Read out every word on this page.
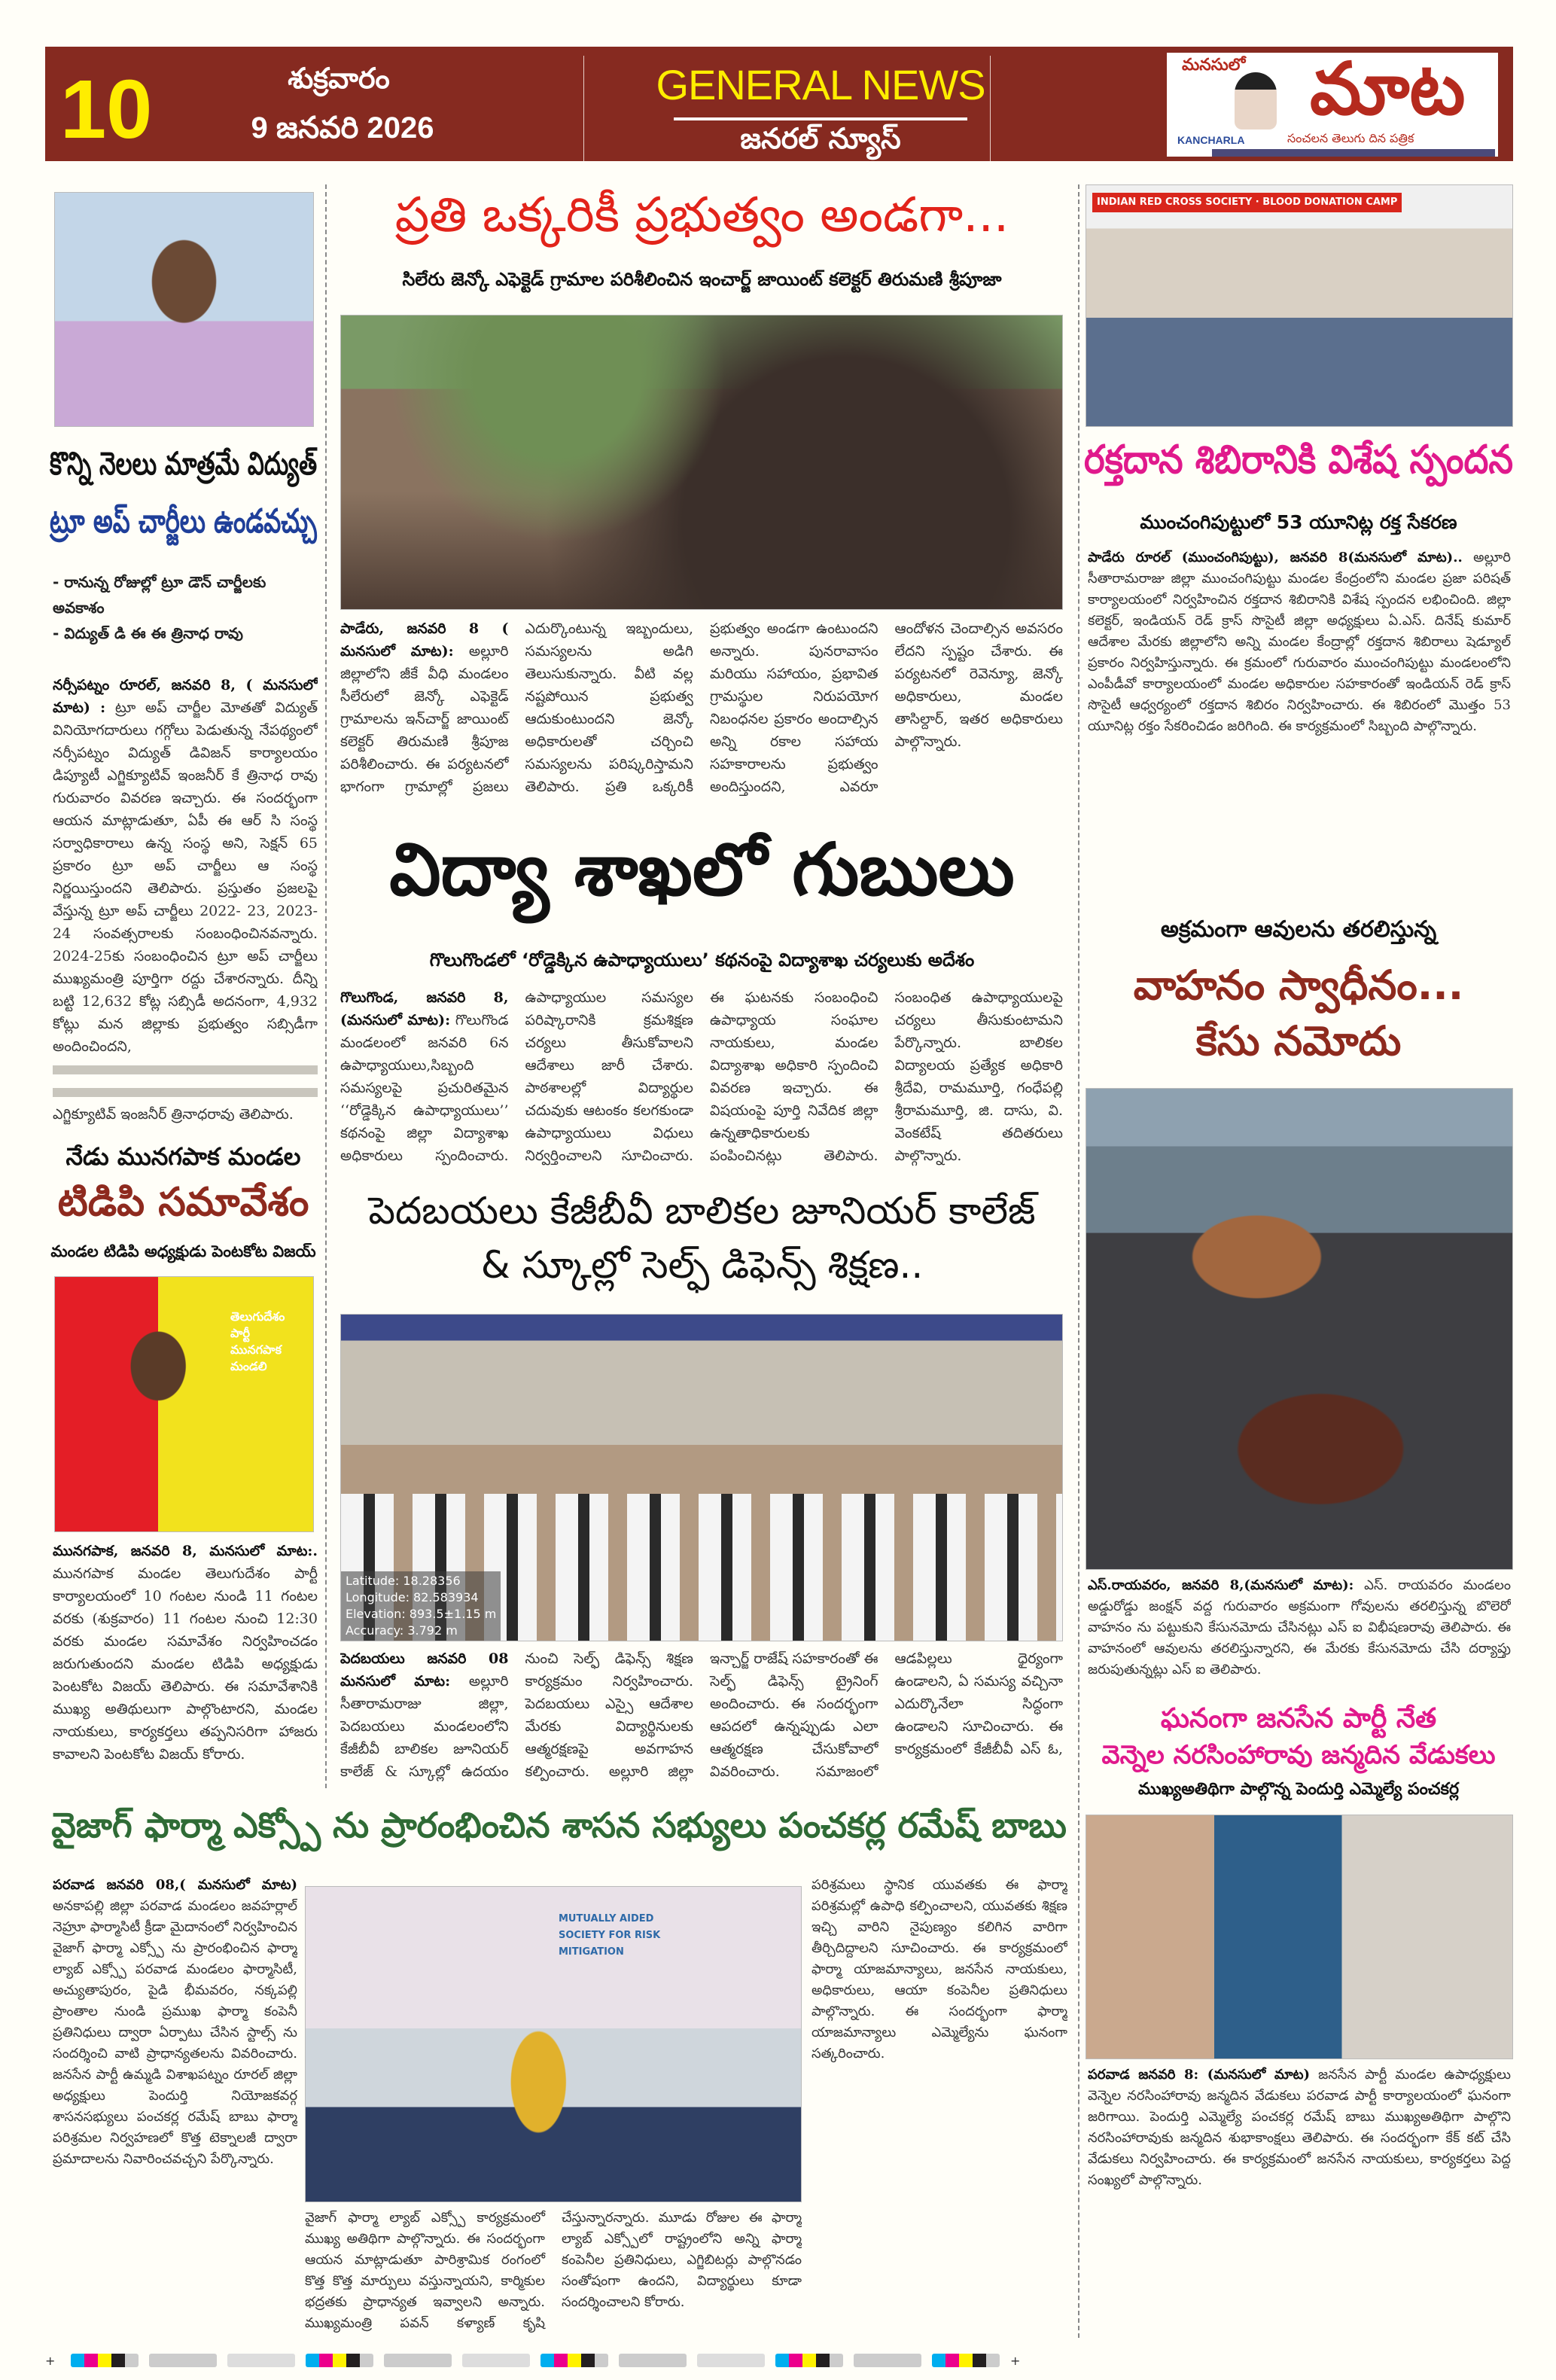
10	శుక్రవారం
9 జనవరి 2026
GENERAL NEWS
జనరల్ న్యూస్
మనసులో మాట
KANCHARLA	సంచలన తెలుగు దిన పత్రిక
కొన్ని నెలలు మాత్రమే విద్యుత్
ట్రూ అప్ చార్జీలు ఉండవచ్చు
- రానున్న రోజుల్లో ట్రూ డౌన్ చార్జీలకు అవకాశం
- విద్యుత్ డి ఈ ఈ త్రినాధ రావు
నర్సీపట్నం రూరల్, జనవరి 8, ( మనసులో మాట) : ట్రూ అప్ చార్జీల మోతతో విద్యుత్ వినియోగదారులు గగ్గోలు పెడుతున్న నేపథ్యంలో నర్సీపట్నం విద్యుత్ డివిజన్ కార్యాలయం డిప్యూటీ ఎగ్జిక్యూటివ్ ఇంజనీర్ కే త్రినాధ రావు గురువారం వివరణ ఇచ్చారు. ఈ సందర్భంగా ఆయన మాట్లాడుతూ, ఏపీ ఈ ఆర్ సి సంస్థ సర్వాధికారాలు ఉన్న సంస్థ అని, సెక్షన్ 65 ప్రకారం ట్రూ అప్ చార్జీలు ఆ సంస్థ నిర్ణయిస్తుందని తెలిపారు. ప్రస్తుతం ప్రజలపై వేస్తున్న ట్రూ అప్ చార్జీలు 2022- 23, 2023-24 సంవత్సరాలకు సంబంధించినవన్నారు. 2024-25కు సంబంధించిన ట్రూ అప్ చార్జీలు ముఖ్యమంత్రి పూర్తిగా రద్దు చేశారన్నారు. దీన్ని బట్టి 12,632 కోట్ల సబ్సిడీ అదనంగా, 4,932 కోట్లు మన జిల్లాకు ప్రభుత్వం సబ్సిడీగా అందించిందని,
ఎగ్జిక్యూటివ్ ఇంజనీర్ త్రినాధరావు తెలిపారు.
నేడు మునగపాక మండల
టిడిపి సమావేశం
మండల టిడిపి అధ్యక్షుడు పెంటకోట విజయ్
తెలుగుదేశం పార్టీ మునగపాక మండలి
మునగపాక, జనవరి 8, మనసులో మాట:. మునగపాక మండల తెలుగుదేశం పార్టీ కార్యాలయంలో 10 గంటల నుండి 11 గంటల వరకు (శుక్రవారం) 11 గంటల నుంచి 12:30 వరకు మండల సమావేశం నిర్వహించడం జరుగుతుందని మండల టిడిపి అధ్యక్షుడు పెంటకోట విజయ్ తెలిపారు. ఈ సమావేశానికి ముఖ్య అతిథులుగా పాల్గొంటారని, మండల నాయకులు, కార్యకర్తలు తప్పనిసరిగా హాజరు కావాలని పెంటకోట విజయ్ కోరారు.
ప్రతి ఒక్కరికీ ప్రభుత్వం అండగా...
సిలేరు జెన్కో ఎఫెక్టెడ్ గ్రామాల పరిశీలించిన ఇంచార్జ్ జాయింట్ కలెక్టర్ తిరుమణి శ్రీపూజా
పాడేరు, జనవరి 8 ( మనసులో మాట): అల్లూరి జిల్లాలోని జీకే వీధి మండలం సీలేరులో జెన్కో ఎఫెక్టెడ్ గ్రామాలను ఇన్‌చార్జ్ జాయింట్ కలెక్టర్ తిరుమణి శ్రీపూజ పరిశీలించారు. ఈ పర్యటనలో భాగంగా గ్రామాల్లో ప్రజలు ఎదుర్కొంటున్న ఇబ్బందులు, సమస్యలను అడిగి తెలుసుకున్నారు. వీటి వల్ల నష్టపోయిన ప్రభుత్వ ఆదుకుంటుందని జెన్కో అధికారులతో చర్చించి సమస్యలను పరిష్కరిస్తామని తెలిపారు. ప్రతి ఒక్కరికీ ప్రభుత్వం అండగా ఉంటుందని అన్నారు. పునరావాసం మరియు సహాయం, ప్రభావిత గ్రామస్థుల నిరుపయోగ నిబంధనల ప్రకారం అందాల్సిన అన్ని రకాల సహాయ సహకారాలను ప్రభుత్వం అందిస్తుందని, ఎవరూ ఆందోళన చెందాల్సిన అవసరం లేదని స్పష్టం చేశారు. ఈ పర్యటనలో రెవెన్యూ, జెన్కో అధికారులు, మండల తాసిల్దార్, ఇతర అధికారులు పాల్గొన్నారు.
విద్యా శాఖలో గుబులు
గొలుగొండలో ‘రోడ్డెక్కిన ఉపాధ్యాయులు’ కథనంపై విద్యాశాఖ చర్యలుకు అదేశం
గొలుగొండ, జనవరి 8,(మనసులో మాట): గొలుగొండ మండలంలో జనవరి 6న ఉపాధ్యాయులు,సిబ్బంది సమస్యలపై ప్రచురితమైన ‘‘రోడ్డెక్కిన ఉపాధ్యాయులు’’ కథనంపై జిల్లా విద్యాశాఖ అధికారులు స్పందించారు. ఉపాధ్యాయుల సమస్యల పరిష్కారానికి క్రమశిక్షణ చర్యలు తీసుకోవాలని ఆదేశాలు జారీ చేశారు. పాఠశాలల్లో విద్యార్థుల చదువుకు ఆటంకం కలగకుండా ఉపాధ్యాయులు విధులు నిర్వర్తించాలని సూచించారు. ఈ ఘటనకు సంబంధించి ఉపాధ్యాయ సంఘాల నాయకులు, మండల విద్యాశాఖ అధికారి స్పందించి వివరణ ఇచ్చారు. ఈ విషయంపై పూర్తి నివేదిక జిల్లా ఉన్నతాధికారులకు పంపించినట్లు తెలిపారు. సంబంధిత ఉపాధ్యాయులపై చర్యలు తీసుకుంటామని పేర్కొన్నారు. బాలికల విద్యాలయ ప్రత్యేక అధికారి శ్రీదేవి, రామమూర్తి, గంధేపల్లి శ్రీరామమూర్తి, జి. దాసు, వి. వెంకటేష్ తదితరులు పాల్గొన్నారు.
పెదబయలు కేజీబీవీ బాలికల జూనియర్ కాలేజ్
& స్కూల్లో సెల్ఫ్ డిఫెన్స్ శిక్షణ..
Latitude: 18.28356
Longitude: 82.583934
Elevation: 893.5±1.15 m
Accuracy: 3.792 m
పెదబయలు జనవరి 08 మనసులో మాట: అల్లూరి సీతారామరాజు జిల్లా, పెదబయలు మండలంలోని కేజీబీవీ బాలికల జూనియర్ కాలేజ్ & స్కూల్లో ఉదయం నుంచి సెల్ఫ్ డిఫెన్స్ శిక్షణ కార్యక్రమం నిర్వహించారు. పెదబయలు ఎస్సై ఆదేశాల మేరకు విద్యార్థినులకు ఆత్మరక్షణపై అవగాహన కల్పించారు. అల్లూరి జిల్లా ఇన్చార్జ్ రాజేష్ సహకారంతో ఈ సెల్ఫ్ డిఫెన్స్ ట్రైనింగ్ అందించారు. ఈ సందర్భంగా ఆపదలో ఉన్నప్పుడు ఎలా ఆత్మరక్షణ చేసుకోవాలో వివరించారు. సమాజంలో ఆడపిల్లలు ధైర్యంగా ఉండాలని, ఏ సమస్య వచ్చినా ఎదుర్కొనేలా సిద్ధంగా ఉండాలని సూచించారు. ఈ కార్యక్రమంలో కేజీబీవీ ఎస్ ఓ,
INDIAN RED CROSS SOCIETY · BLOOD DONATION CAMP
రక్తదాన శిబిరానికి విశేష స్పందన
ముంచంగిపుట్టులో 53 యూనిట్ల రక్త సేకరణ
పాడేరు రూరల్ (ముంచంగిపుట్టు), జనవరి 8(మనసులో మాట).. అల్లూరి సీతారామరాజు జిల్లా ముంచంగిపుట్టు మండల కేంద్రంలోని మండల ప్రజా పరిషత్ కార్యాలయంలో నిర్వహించిన రక్తదాన శిబిరానికి విశేష స్పందన లభించింది. జిల్లా కలెక్టర్, ఇండియన్ రెడ్ క్రాస్ సొసైటీ జిల్లా అధ్యక్షులు ఏ.ఎస్. దినేష్ కుమార్ ఆదేశాల మేరకు జిల్లాలోని అన్ని మండల కేంద్రాల్లో రక్తదాన శిబిరాలు షెడ్యూల్ ప్రకారం నిర్వహిస్తున్నారు. ఈ క్రమంలో గురువారం ముంచంగిపుట్టు మండలంలోని ఎంపీడీవో కార్యాలయంలో మండల అధికారుల సహకారంతో ఇండియన్ రెడ్ క్రాస్ సొసైటీ ఆధ్వర్యంలో రక్తదాన శిబిరం నిర్వహించారు. ఈ శిబిరంలో మొత్తం 53 యూనిట్ల రక్తం సేకరించిడం జరిగింది. ఈ కార్యక్రమంలో సిబ్బంది పాల్గొన్నారు.
అక్రమంగా ఆవులను తరలిస్తున్న
వాహనం స్వాధీనం...
కేసు నమోదు
ఎస్.రాయవరం, జనవరి 8,(మనసులో మాట): ఎస్. రాయవరం మండలం అడ్డురోడ్డు జంక్షన్ వద్ద గురువారం అక్రమంగా గోవులను తరలిస్తున్న బొలెరో వాహనం ను పట్టుకుని కేసునమోదు చేసినట్లు ఎస్ ఐ విభీషణరావు తెలిపారు. ఈ వాహనంలో ఆవులను తరలిస్తున్నారని, ఈ మేరకు కేసునమోదు చేసి దర్యాప్తు జరుపుతున్నట్లు ఎస్ ఐ తెలిపారు.
ఘనంగా జనసేన పార్టీ నేత
వెన్నెల నరసింహారావు జన్మదిన వేడుకలు
ముఖ్యఅతిథిగా పాల్గొన్న పెందుర్తి ఎమ్మెల్యే పంచకర్ల
పరవాడ జనవరి 8: (మనసులో మాట) జనసేన పార్టీ మండల ఉపాధ్యక్షులు వెన్నెల నరసింహారావు జన్మదిన వేడుకలు పరవాడ పార్టీ కార్యాలయంలో ఘనంగా జరిగాయి. పెందుర్తి ఎమ్మెల్యే పంచకర్ల రమేష్ బాబు ముఖ్యఅతిథిగా పాల్గొని నరసింహారావుకు జన్మదిన శుభాకాంక్షలు తెలిపారు. ఈ సందర్భంగా కేక్ కట్ చేసి వేడుకలు నిర్వహించారు. ఈ కార్యక్రమంలో జనసేన నాయకులు, కార్యకర్తలు పెద్ద సంఖ్యలో పాల్గొన్నారు.
వైజాగ్ ఫార్మా ఎక్స్పో ను ప్రారంభించిన శాసన సభ్యులు పంచకర్ల రమేష్ బాబు
పరవాడ జనవరి 08,( మనసులో మాట) అనకాపల్లి జిల్లా పరవాడ మండలం జవహర్లాల్ నెహ్రూ ఫార్మాసిటీ క్రీడా మైదానంలో నిర్వహించిన వైజాగ్ ఫార్మా ఎక్స్పో ను ప్రారంభించిన ఫార్మా ల్యాబ్ ఎక్స్పో పరవాడ మండలం ఫార్మాసిటీ, అచ్యుతాపురం, పైడి భీమవరం, నక్కపల్లి ప్రాంతాల నుండి ప్రముఖ ఫార్మా కంపెనీ ప్రతినిధులు ద్వారా ఏర్పాటు చేసిన స్టాల్స్ ను సందర్శించి వాటి ప్రాధాన్యతలను వివరించారు. జనసేన పార్టీ ఉమ్మడి విశాఖపట్నం రూరల్ జిల్లా అధ్యక్షులు పెందుర్తి నియోజకవర్గ శాసనసభ్యులు పంచకర్ల రమేష్ బాబు ఫార్మా పరిశ్రమల నిర్వహణలో కొత్త టెక్నాలజీ ద్వారా ప్రమాదాలను నివారించవచ్చని పేర్కొన్నారు.
MUTUALLY AIDED SOCIETY FOR RISK MITIGATION
వైజాగ్ ఫార్మా ల్యాబ్ ఎక్స్పో కార్యక్రమంలో ముఖ్య అతిథిగా పాల్గొన్నారు. ఈ సందర్భంగా ఆయన మాట్లాడుతూ పారిశ్రామిక రంగంలో కొత్త కొత్త మార్పులు వస్తున్నాయని, కార్మికుల భద్రతకు ప్రాధాన్యత ఇవ్వాలని అన్నారు. ముఖ్యమంత్రి పవన్ కళ్యాణ్ కృషి చేస్తున్నారన్నారు. మూడు రోజుల ఈ ఫార్మా ల్యాబ్ ఎక్స్పోలో రాష్ట్రంలోని అన్ని ఫార్మా కంపెనీల ప్రతినిధులు, ఎగ్జిబిటర్లు పాల్గొనడం సంతోషంగా ఉందని, విద్యార్థులు కూడా సందర్శించాలని కోరారు.
పరిశ్రమలు స్థానిక యువతకు ఈ ఫార్మా పరిశ్రమల్లో ఉపాధి కల్పించాలని, యువతకు శిక్షణ ఇచ్చి వారిని నైపుణ్యం కలిగిన వారిగా తీర్చిదిద్దాలని సూచించారు. ఈ కార్యక్రమంలో ఫార్మా యాజమాన్యాలు, జనసేన నాయకులు, అధికారులు, ఆయా కంపెనీల ప్రతినిధులు పాల్గొన్నారు. ఈ సందర్భంగా ఫార్మా యాజమాన్యాలు ఎమ్మెల్యేను ఘనంగా సత్కరించారు.
+	+
